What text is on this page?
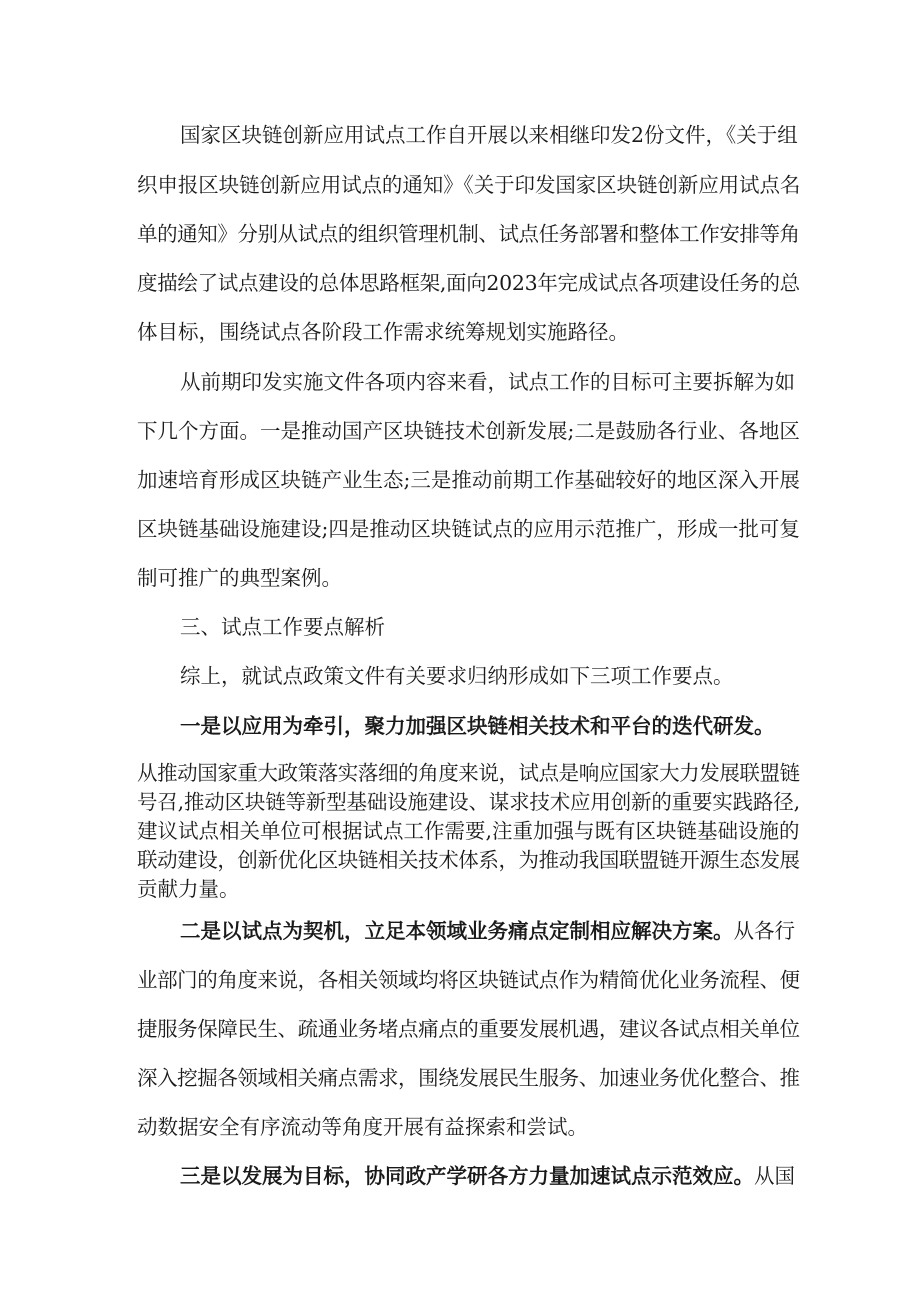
国家区块链创新应用试点工作自开展以来相继印发2份文件，《关于组
织申报区块链创新应用试点的通知》《关于印发国家区块链创新应用试点名
单的通知》分别从试点的组织管理机制、试点任务部署和整体工作安排等角
度描绘了试点建设的总体思路框架,面向2023年完成试点各项建设任务的总
体目标，围绕试点各阶段工作需求统筹规划实施路径。
从前期印发实施文件各项内容来看，试点工作的目标可主要拆解为如
下几个方面。一是推动国产区块链技术创新发展;二是鼓励各行业、各地区
加速培育形成区块链产业生态;三是推动前期工作基础较好的地区深入开展
区块链基础设施建设;四是推动区块链试点的应用示范推广，形成一批可复
制可推广的典型案例。
三、试点工作要点解析
综上，就试点政策文件有关要求归纳形成如下三项工作要点。
一是以应用为牵引，聚力加强区块链相关技术和平台的迭代研发。
从推动国家重大政策落实落细的角度来说，试点是响应国家大力发展联盟链
号召,推动区块链等新型基础设施建设、谋求技术应用创新的重要实践路径,
建议试点相关单位可根据试点工作需要,注重加强与既有区块链基础设施的
联动建设，创新优化区块链相关技术体系，为推动我国联盟链开源生态发展
贡献力量。
二是以试点为契机，立足本领域业务痛点定制相应解决方案。从各行
业部门的角度来说，各相关领域均将区块链试点作为精简优化业务流程、便
捷服务保障民生、疏通业务堵点痛点的重要发展机遇，建议各试点相关单位
深入挖掘各领域相关痛点需求，围绕发展民生服务、加速业务优化整合、推
动数据安全有序流动等角度开展有益探索和尝试。
三是以发展为目标，协同政产学研各方力量加速试点示范效应。从国
